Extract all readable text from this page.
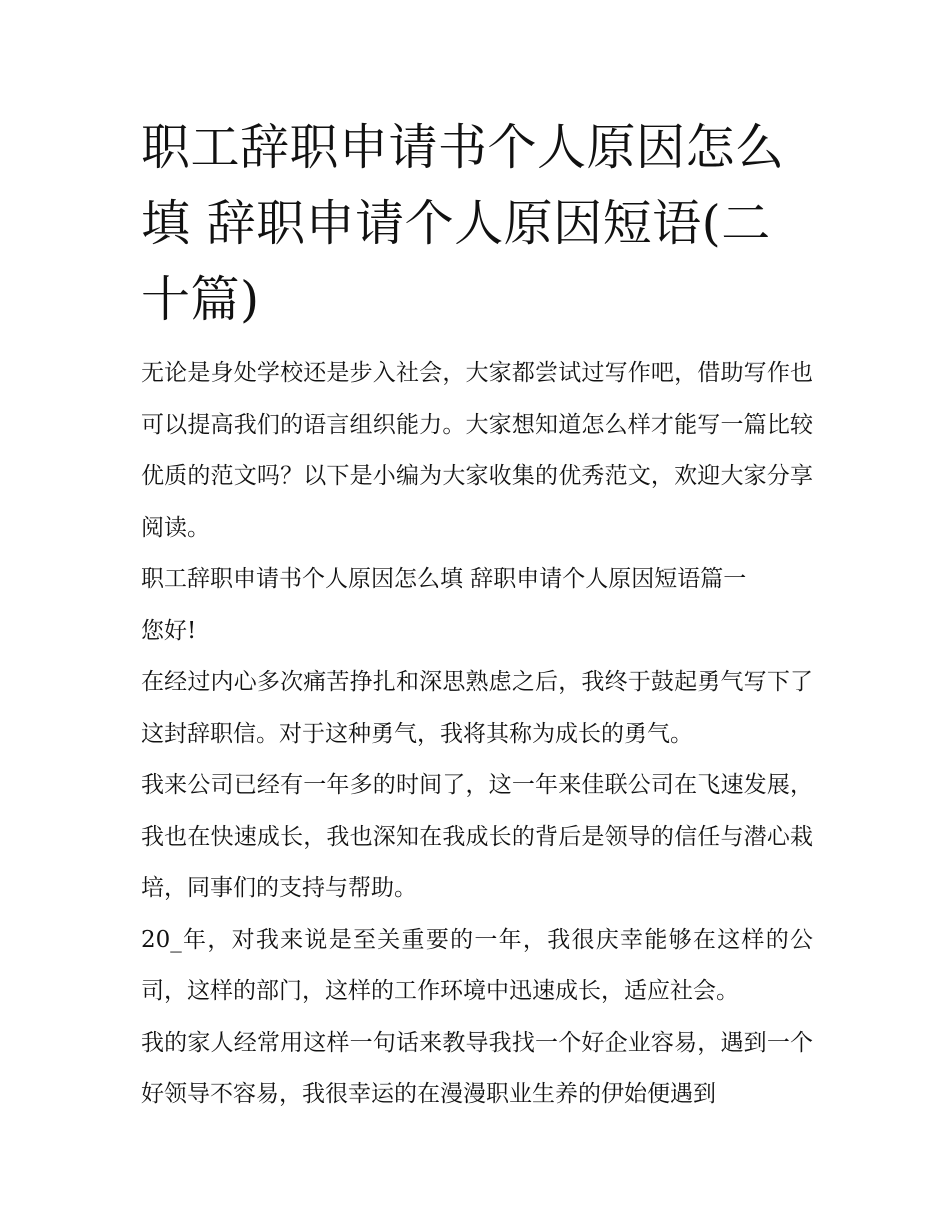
职工辞职申请书个人原因怎么填 辞职申请个人原因短语(二十篇)

无论是身处学校还是步入社会，大家都尝试过写作吧，借助写作也可以提高我们的语言组织能力。大家想知道怎么样才能写一篇比较优质的范文吗？以下是小编为大家收集的优秀范文，欢迎大家分享阅读。

职工辞职申请书个人原因怎么填 辞职申请个人原因短语篇一

您好!

在经过内心多次痛苦挣扎和深思熟虑之后，我终于鼓起勇气写下了这封辞职信。对于这种勇气，我将其称为成长的勇气。

我来公司已经有一年多的时间了，这一年来佳联公司在飞速发展，我也在快速成长，我也深知在我成长的背后是领导的信任与潜心栽培，同事们的支持与帮助。

20_年，对我来说是至关重要的一年，我很庆幸能够在这样的公司，这样的部门，这样的工作环境中迅速成长，适应社会。

我的家人经常用这样一句话来教导我找一个好企业容易，遇到一个好领导不容易，我很幸运的在漫漫职业生养的伊始便遇到
